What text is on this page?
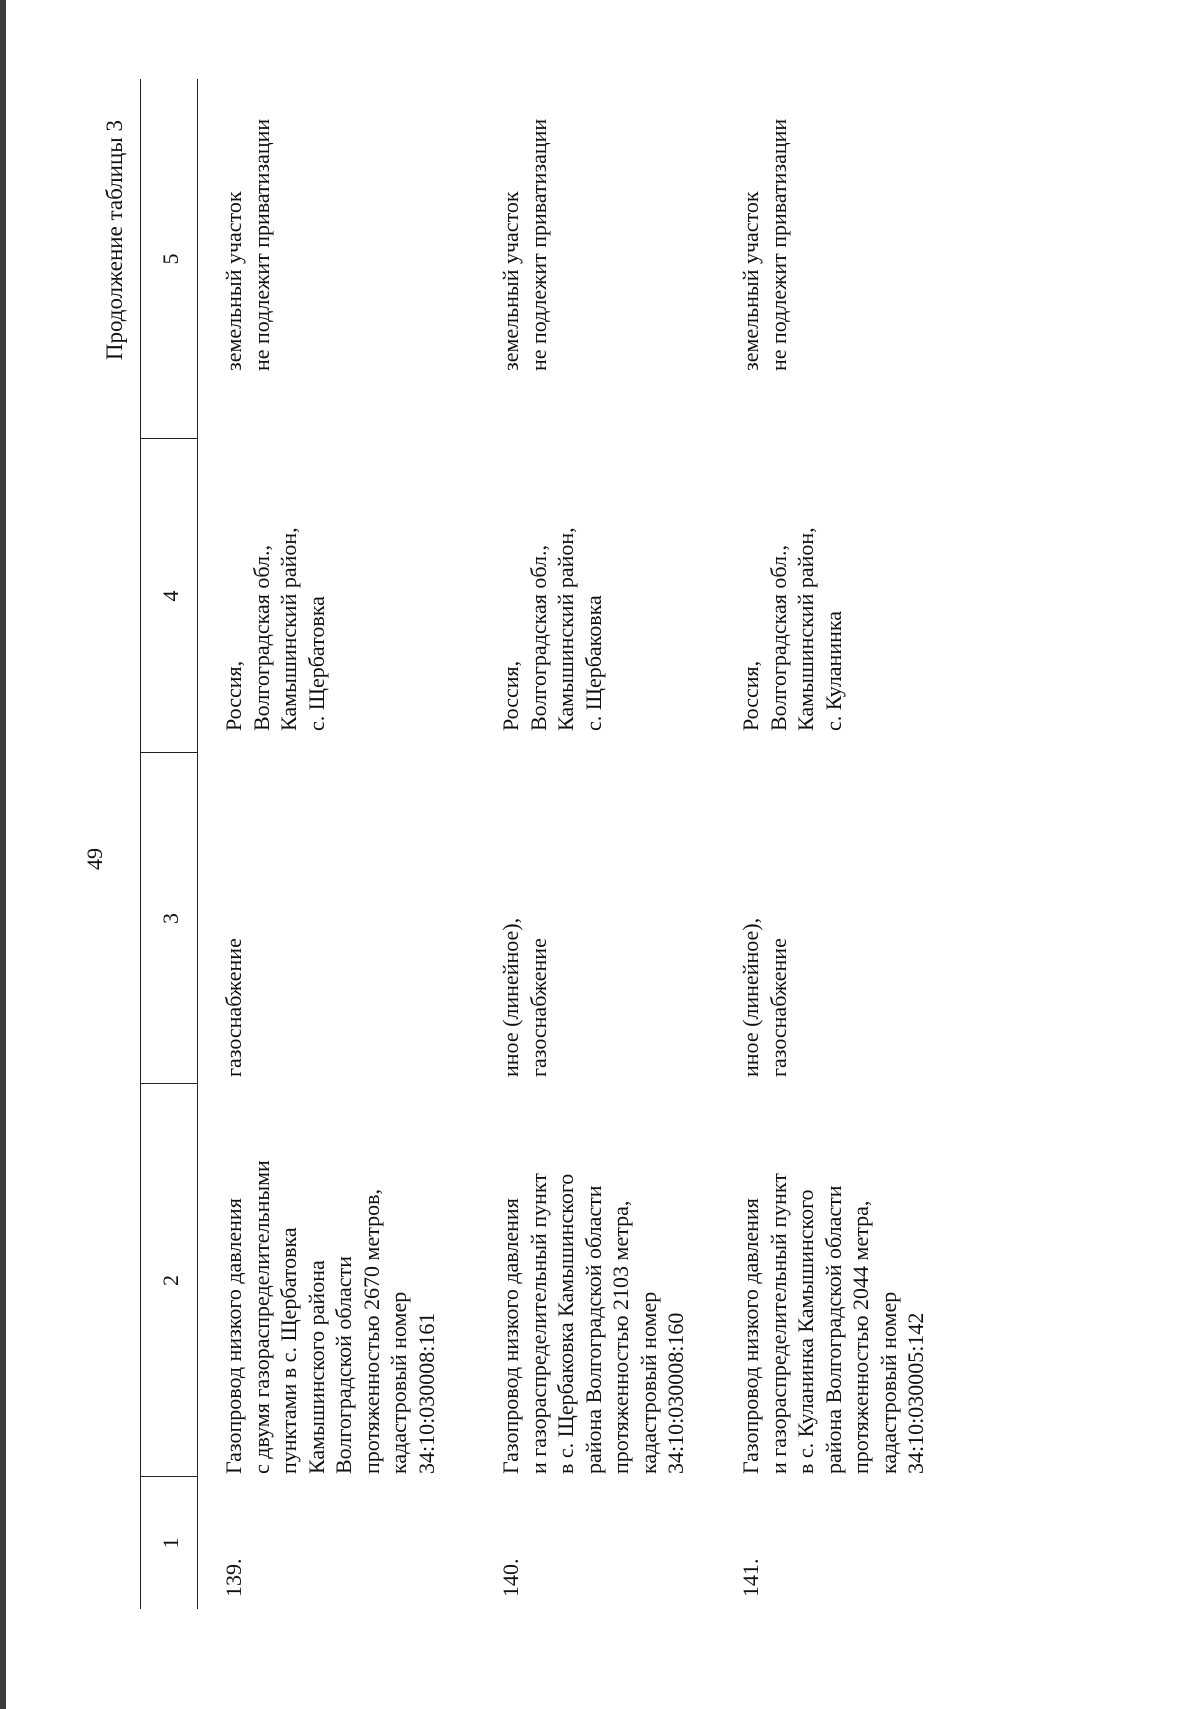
49
Продолжение таблицы 3
1
2
3
4
5
139.
Газопровод низкого давления
с двумя газораспределительными
пунктами в с. Щербатовка
Камышинского района
Волгоградской области
протяженностью 2670 метров,
кадастровый номер
34:10:030008:161
газоснабжение
Россия,
Волгоградская обл.,
Камышинский район,
с. Щербатовка
земельный участок
не подлежит приватизации
140.
Газопровод низкого давления
и газораспределительный пункт
в с. Щербаковка Камышинского
района Волгоградской области
протяженностью 2103 метра,
кадастровый номер
34:10:030008:160
иное (линейное),
газоснабжение
Россия,
Волгоградская обл.,
Камышинский район,
с. Щербаковка
земельный участок
не подлежит приватизации
141.
Газопровод низкого давления
и газораспределительный пункт
в с. Куланинка Камышинского
района Волгоградской области
протяженностью 2044 метра,
кадастровый номер
34:10:030005:142
иное (линейное),
газоснабжение
Россия,
Волгоградская обл.,
Камышинский район,
с. Куланинка
земельный участок
не подлежит приватизации
